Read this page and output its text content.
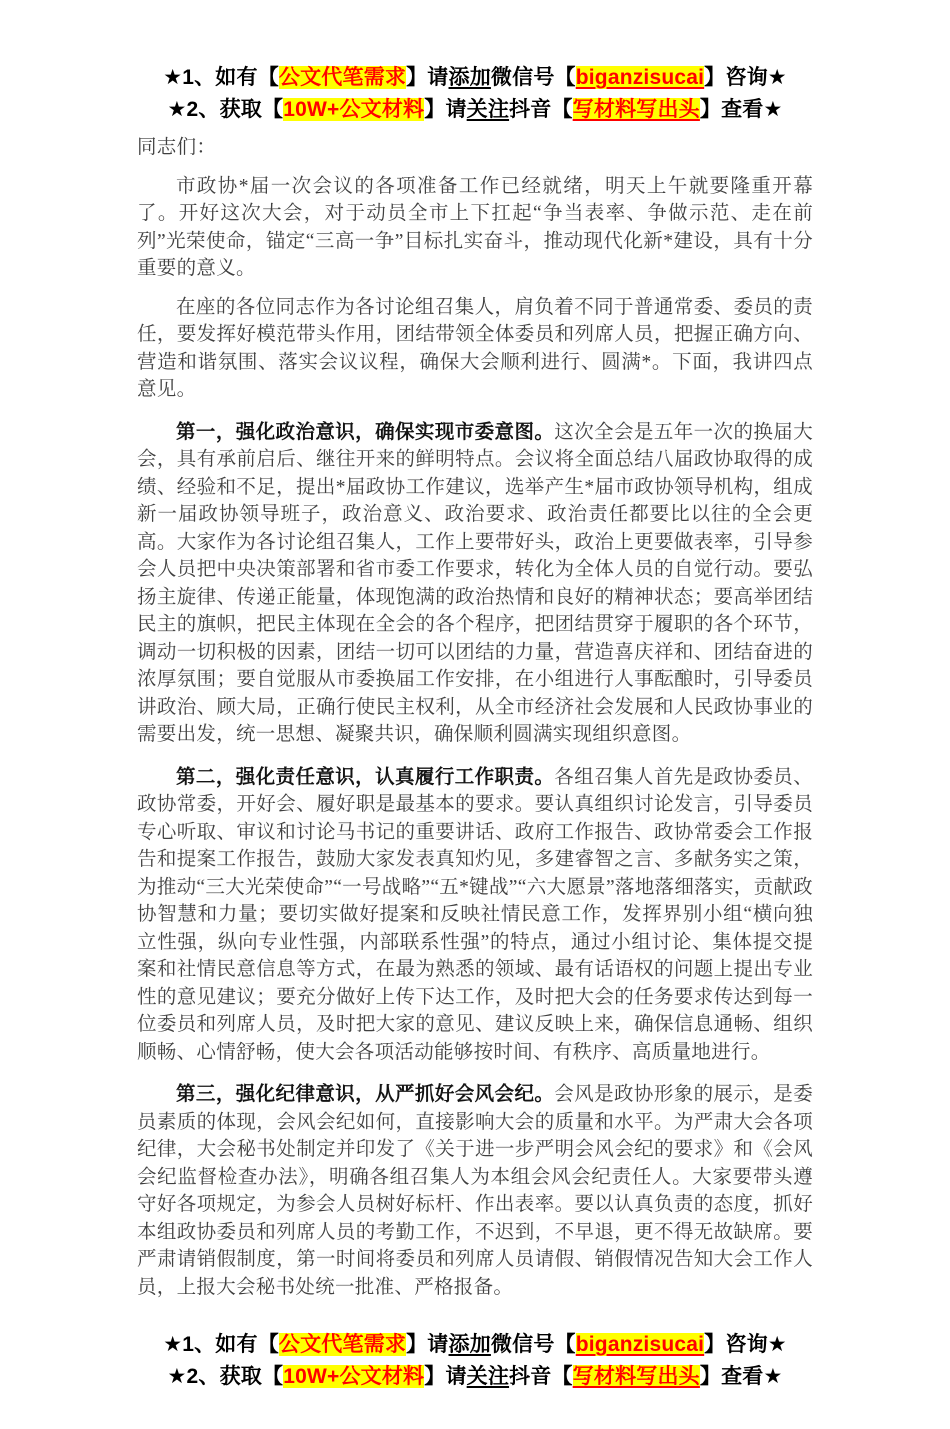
★1、如有【公文代笔需求】请添加微信号【biganzisucai】咨询★
★2、获取【10W+公文材料】请关注抖音【写材料写出头】查看★

同志们：

市政协*届一次会议的各项准备工作已经就绪，明天上午就要隆重开幕了。开好这次大会，对于动员全市上下扛起“争当表率、争做示范、走在前列”光荣使命，锚定“三高一争”目标扎实奋斗，推动现代化新*建设，具有十分重要的意义。

在座的各位同志作为各讨论组召集人，肩负着不同于普通常委、委员的责任，要发挥好模范带头作用，团结带领全体委员和列席人员，把握正确方向、营造和谐氛围、落实会议议程，确保大会顺利进行、圆满*。下面，我讲四点意见。

第一，强化政治意识，确保实现市委意图。这次全会是五年一次的换届大会，具有承前启后、继往开来的鲜明特点。会议将全面总结八届政协取得的成绩、经验和不足，提出*届政协工作建议，选举产生*届市政协领导机构，组成新一届政协领导班子，政治意义、政治要求、政治责任都要比以往的全会更高。大家作为各讨论组召集人，工作上要带好头，政治上更要做表率，引导参会人员把中央决策部署和省市委工作要求，转化为全体人员的自觉行动。要弘扬主旋律、传递正能量，体现饱满的政治热情和良好的精神状态；要高举团结民主的旗帜，把民主体现在全会的各个程序，把团结贯穿于履职的各个环节，调动一切积极的因素，团结一切可以团结的力量，营造喜庆祥和、团结奋进的浓厚氛围；要自觉服从市委换届工作安排，在小组进行人事酝酿时，引导委员讲政治、顾大局，正确行使民主权利，从全市经济社会发展和人民政协事业的需要出发，统一思想、凝聚共识，确保顺利圆满实现组织意图。

第二，强化责任意识，认真履行工作职责。各组召集人首先是政协委员、政协常委，开好会、履好职是最基本的要求。要认真组织讨论发言，引导委员专心听取、审议和讨论马书记的重要讲话、政府工作报告、政协常委会工作报告和提案工作报告，鼓励大家发表真知灼见，多建睿智之言、多献务实之策，为推动“三大光荣使命”“一号战略”“五*键战”“六大愿景”落地落细落实，贡献政协智慧和力量；要切实做好提案和反映社情民意工作，发挥界别小组“横向独立性强，纵向专业性强，内部联系性强”的特点，通过小组讨论、集体提交提案和社情民意信息等方式，在最为熟悉的领域、最有话语权的问题上提出专业性的意见建议；要充分做好上传下达工作，及时把大会的任务要求传达到每一位委员和列席人员，及时把大家的意见、建议反映上来，确保信息通畅、组织顺畅、心情舒畅，使大会各项活动能够按时间、有秩序、高质量地进行。

第三，强化纪律意识，从严抓好会风会纪。会风是政协形象的展示，是委员素质的体现，会风会纪如何，直接影响大会的质量和水平。为严肃大会各项纪律，大会秘书处制定并印发了《关于进一步严明会风会纪的要求》和《会风会纪监督检查办法》，明确各组召集人为本组会风会纪责任人。大家要带头遵守好各项规定，为参会人员树好标杆、作出表率。要以认真负责的态度，抓好本组政协委员和列席人员的考勤工作，不迟到，不早退，更不得无故缺席。要严肃请销假制度，第一时间将委员和列席人员请假、销假情况告知大会工作人员，上报大会秘书处统一批准、严格报备。

★1、如有【公文代笔需求】请添加微信号【biganzisucai】咨询★
★2、获取【10W+公文材料】请关注抖音【写材料写出头】查看★
